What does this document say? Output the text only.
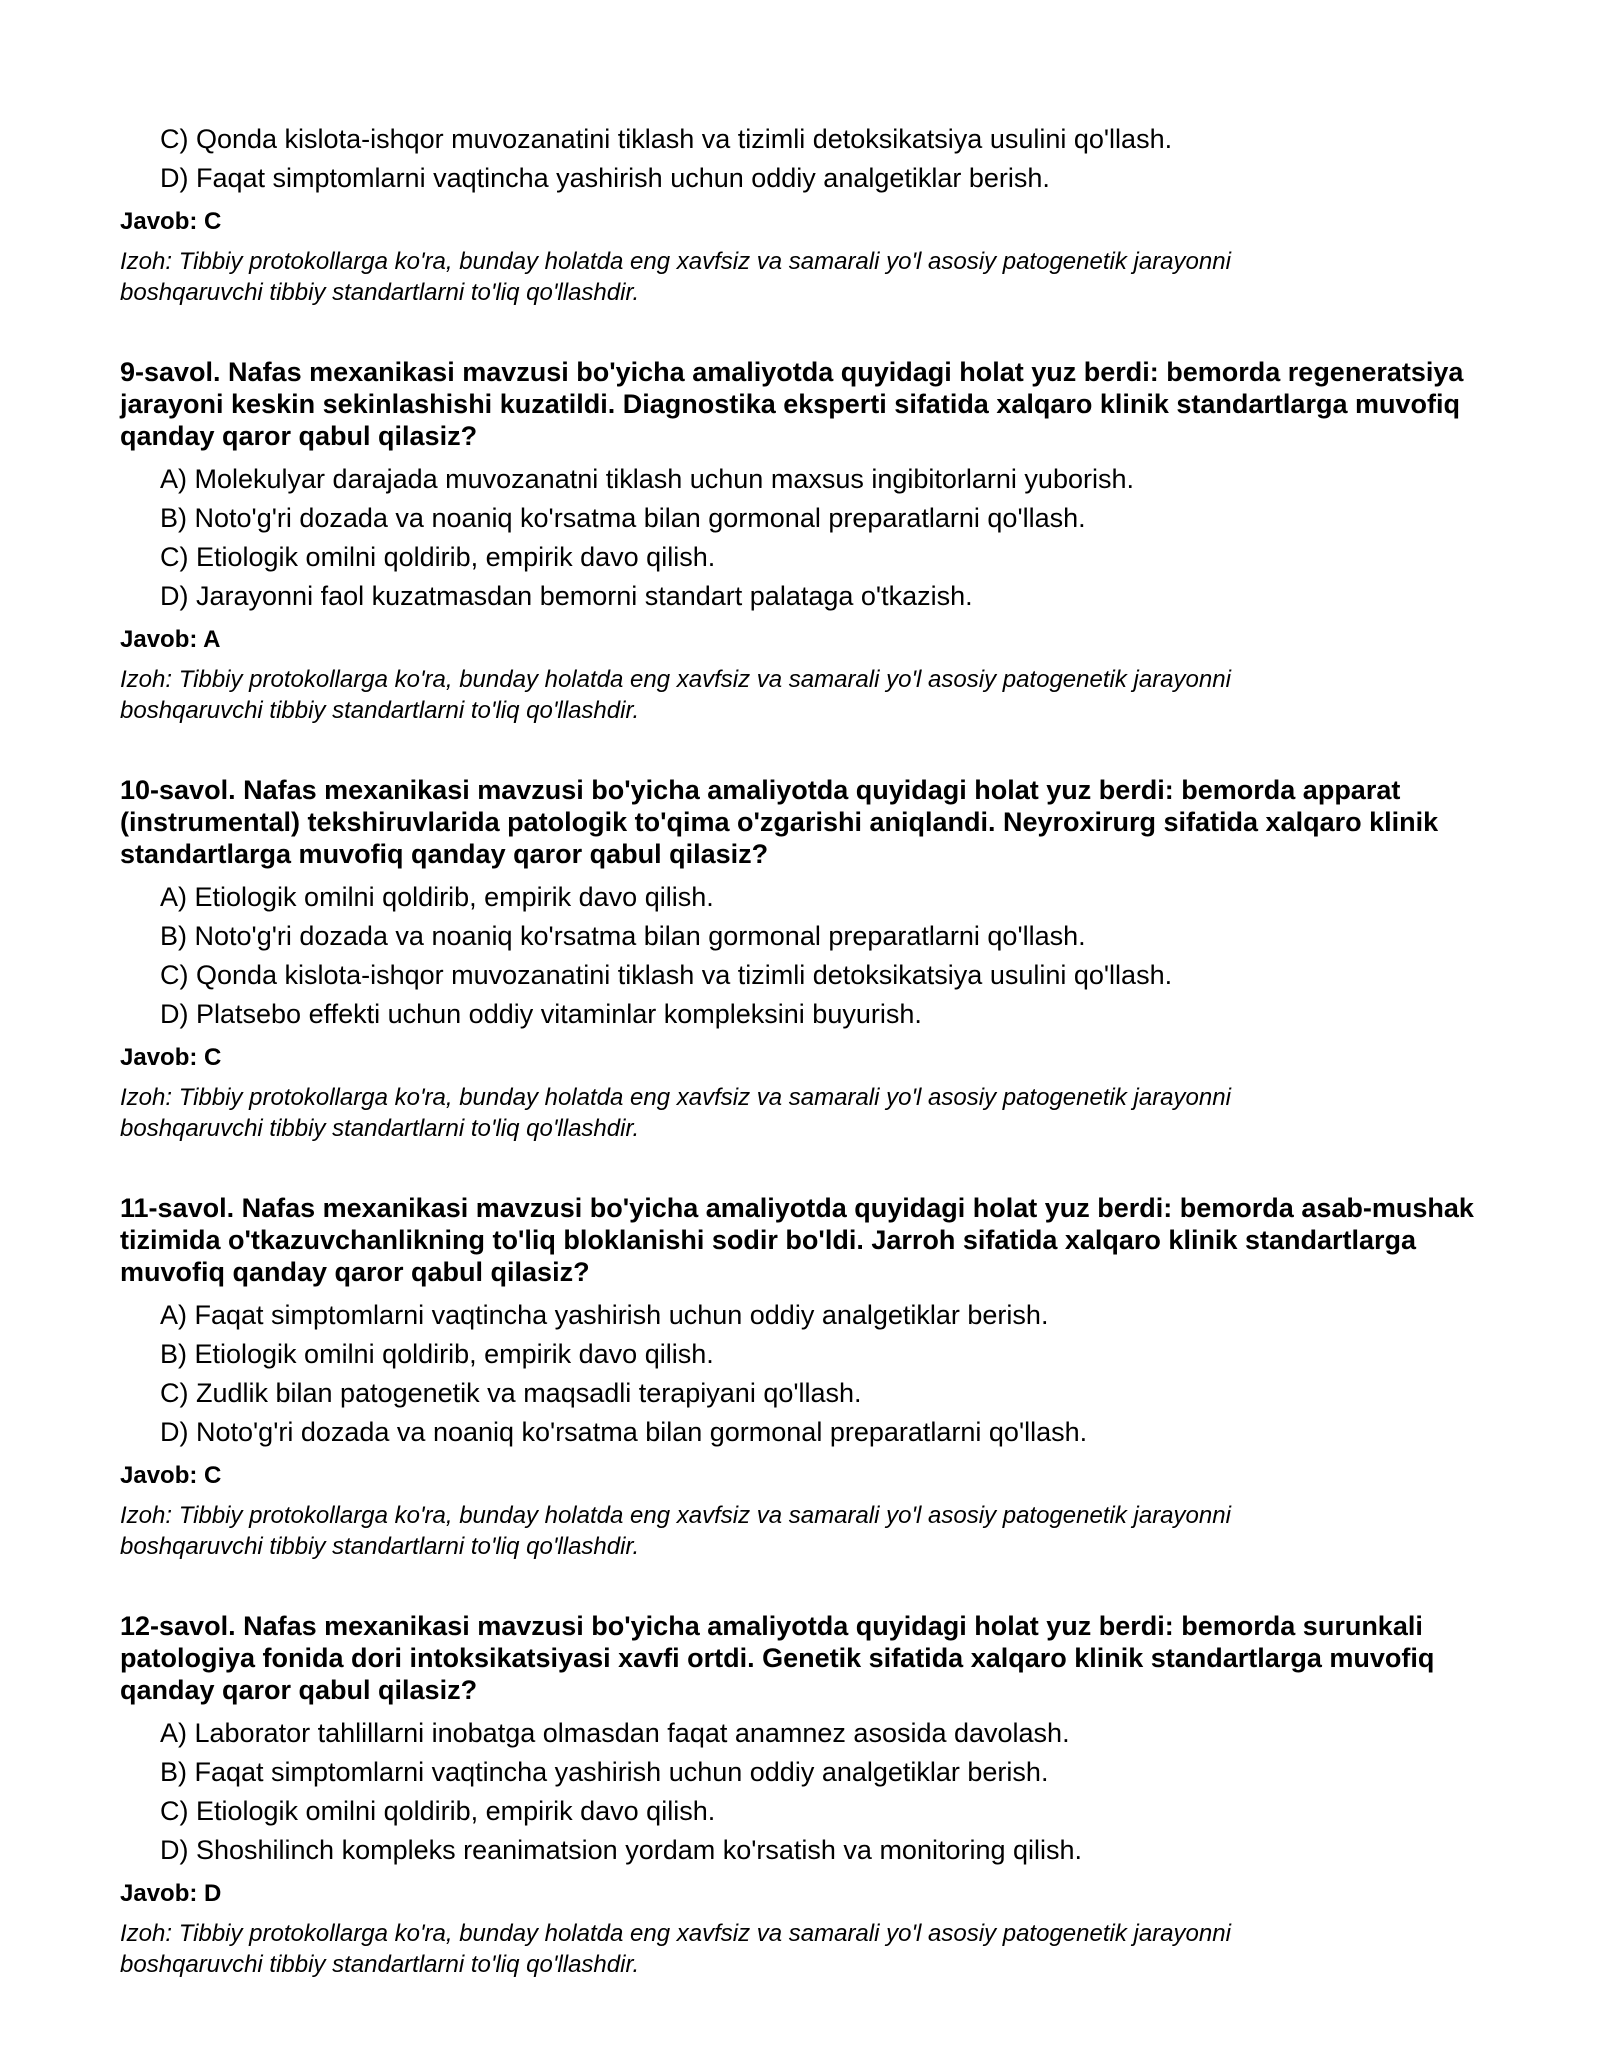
C) Qonda kislota-ishqor muvozanatini tiklash va tizimli detoksikatsiya usulini qo'llash.
D) Faqat simptomlarni vaqtincha yashirish uchun oddiy analgetiklar berish.
Javob: C
Izoh: Tibbiy protokollarga ko'ra, bunday holatda eng xavfsiz va samarali yo'l asosiy patogenetik jarayonni boshqaruvchi tibbiy standartlarni to'liq qo'llashdir.
9-savol. Nafas mexanikasi mavzusi bo'yicha amaliyotda quyidagi holat yuz berdi: bemorda regeneratsiya jarayoni keskin sekinlashishi kuzatildi. Diagnostika eksperti sifatida xalqaro klinik standartlarga muvofiq qanday qaror qabul qilasiz?
A) Molekulyar darajada muvozanatni tiklash uchun maxsus ingibitorlarni yuborish.
B) Noto'g'ri dozada va noaniq ko'rsatma bilan gormonal preparatlarni qo'llash.
C) Etiologik omilni qoldirib, empirik davo qilish.
D) Jarayonni faol kuzatmasdan bemorni standart palataga o'tkazish.
Javob: A
Izoh: Tibbiy protokollarga ko'ra, bunday holatda eng xavfsiz va samarali yo'l asosiy patogenetik jarayonni boshqaruvchi tibbiy standartlarni to'liq qo'llashdir.
10-savol. Nafas mexanikasi mavzusi bo'yicha amaliyotda quyidagi holat yuz berdi: bemorda apparat (instrumental) tekshiruvlarida patologik to'qima o'zgarishi aniqlandi. Neyroxirurg sifatida xalqaro klinik standartlarga muvofiq qanday qaror qabul qilasiz?
A) Etiologik omilni qoldirib, empirik davo qilish.
B) Noto'g'ri dozada va noaniq ko'rsatma bilan gormonal preparatlarni qo'llash.
C) Qonda kislota-ishqor muvozanatini tiklash va tizimli detoksikatsiya usulini qo'llash.
D) Platsebo effekti uchun oddiy vitaminlar kompleksini buyurish.
Javob: C
Izoh: Tibbiy protokollarga ko'ra, bunday holatda eng xavfsiz va samarali yo'l asosiy patogenetik jarayonni boshqaruvchi tibbiy standartlarni to'liq qo'llashdir.
11-savol. Nafas mexanikasi mavzusi bo'yicha amaliyotda quyidagi holat yuz berdi: bemorda asab-mushak tizimida o'tkazuvchanlikning to'liq bloklanishi sodir bo'ldi. Jarroh sifatida xalqaro klinik standartlarga muvofiq qanday qaror qabul qilasiz?
A) Faqat simptomlarni vaqtincha yashirish uchun oddiy analgetiklar berish.
B) Etiologik omilni qoldirib, empirik davo qilish.
C) Zudlik bilan patogenetik va maqsadli terapiyani qo'llash.
D) Noto'g'ri dozada va noaniq ko'rsatma bilan gormonal preparatlarni qo'llash.
Javob: C
Izoh: Tibbiy protokollarga ko'ra, bunday holatda eng xavfsiz va samarali yo'l asosiy patogenetik jarayonni boshqaruvchi tibbiy standartlarni to'liq qo'llashdir.
12-savol. Nafas mexanikasi mavzusi bo'yicha amaliyotda quyidagi holat yuz berdi: bemorda surunkali patologiya fonida dori intoksikatsiyasi xavfi ortdi. Genetik sifatida xalqaro klinik standartlarga muvofiq qanday qaror qabul qilasiz?
A) Laborator tahlillarni inobatga olmasdan faqat anamnez asosida davolash.
B) Faqat simptomlarni vaqtincha yashirish uchun oddiy analgetiklar berish.
C) Etiologik omilni qoldirib, empirik davo qilish.
D) Shoshilinch kompleks reanimatsion yordam ko'rsatish va monitoring qilish.
Javob: D
Izoh: Tibbiy protokollarga ko'ra, bunday holatda eng xavfsiz va samarali yo'l asosiy patogenetik jarayonni boshqaruvchi tibbiy standartlarni to'liq qo'llashdir.
